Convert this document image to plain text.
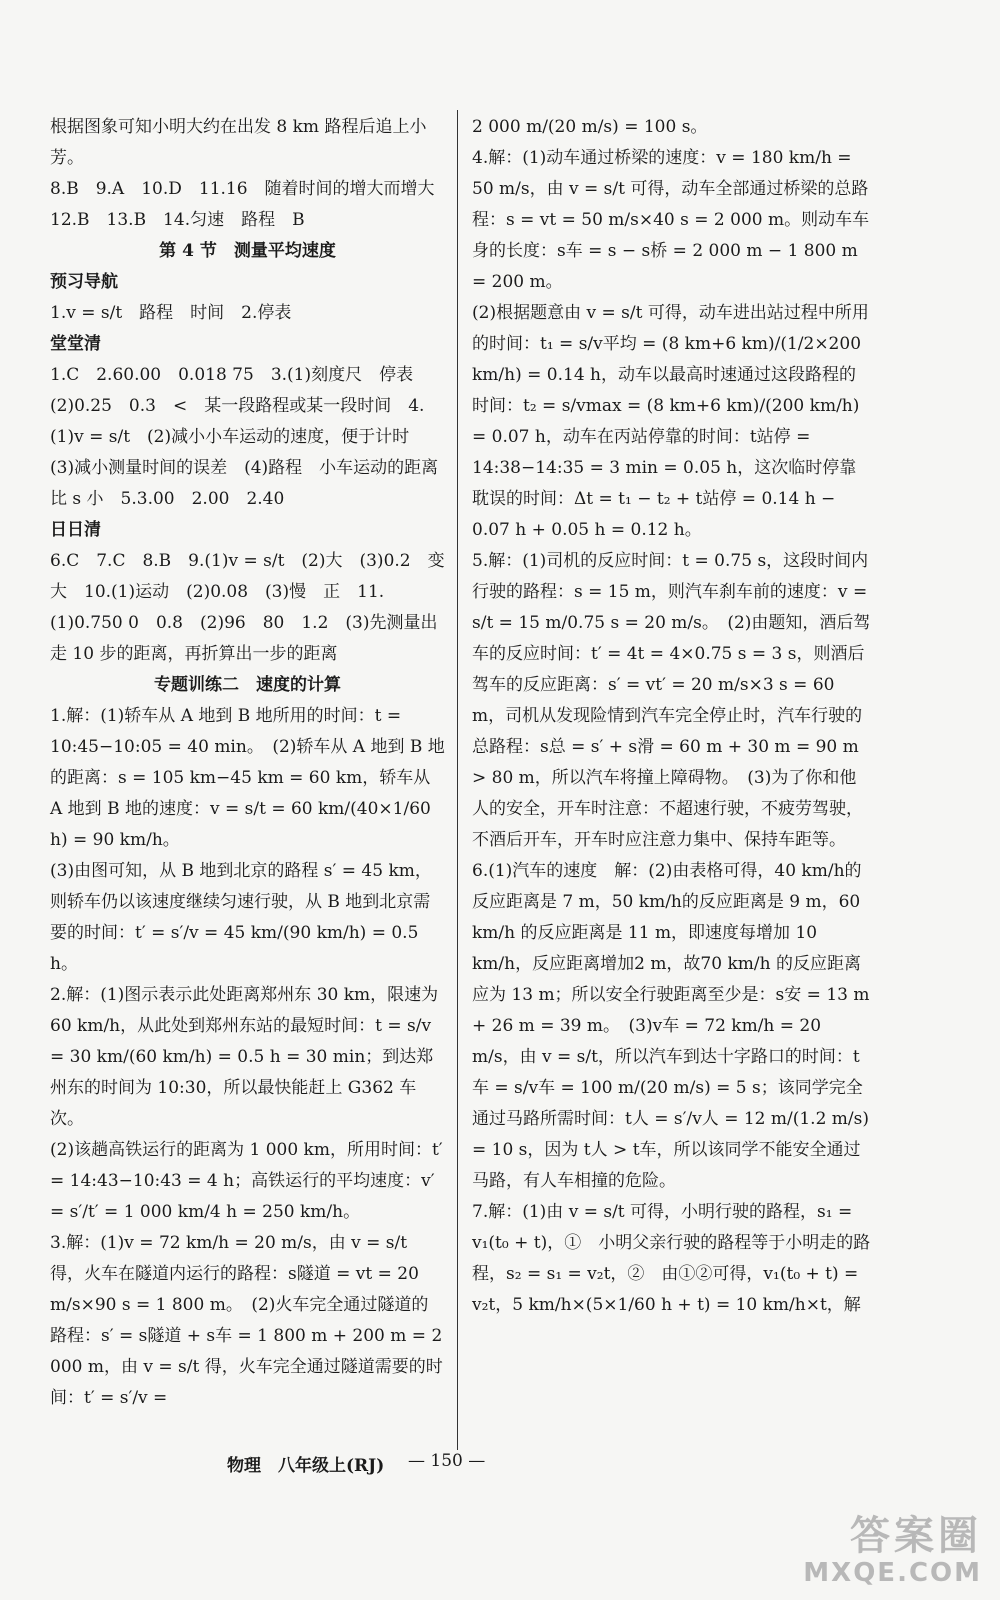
根据图象可知小明大约在出发 8 km 路程后追上小芳。

8.B　9.A　10.D　11.16　随着时间的增大而增大　12.B　13.B　14.匀速　路程　B

第 4 节　测量平均速度

预习导航

1.v = s/t　路程　时间　2.停表

堂堂清

1.C　2.60.00　0.018 75　3.(1)刻度尺　停表　(2)0.25　0.3　<　某一段路程或某一段时间　4.(1)v = s/t　(2)减小小车运动的速度，便于计时　(3)减小测量时间的误差　(4)路程　小车运动的距离比 s 小　5.3.00　2.00　2.40

日日清

6.C　7.C　8.B　9.(1)v = s/t　(2)大　(3)0.2　变大　10.(1)运动　(2)0.08　(3)慢　正　11.(1)0.750 0　0.8　(2)96　80　1.2　(3)先测量出走 10 步的距离，再折算出一步的距离

专题训练二　速度的计算

1.解：(1)轿车从 A 地到 B 地所用的时间：t = 10:45−10:05 = 40 min。　(2)轿车从 A 地到 B 地的距离：s = 105 km−45 km = 60 km，轿车从 A 地到 B 地的速度：v = s/t = 60 km/(40×1/60 h) = 90 km/h。

(3)由图可知，从 B 地到北京的路程 s′ = 45 km，则轿车仍以该速度继续匀速行驶，从 B 地到北京需要的时间：t′ = s′/v = 45 km/(90 km/h) = 0.5 h。

2.解：(1)图示表示此处距离郑州东 30 km，限速为 60 km/h，从此处到郑州东站的最短时间：t = s/v = 30 km/(60 km/h) = 0.5 h = 30 min；到达郑州东的时间为 10:30，所以最快能赶上 G362 车次。

(2)该趟高铁运行的距离为 1 000 km，所用时间：t′ = 14:43−10:43 = 4 h；高铁运行的平均速度：v′ = s′/t′ = 1 000 km/4 h = 250 km/h。

3.解：(1)v = 72 km/h = 20 m/s，由 v = s/t 得，火车在隧道内运行的路程：s隧道 = vt = 20 m/s×90 s = 1 800 m。　(2)火车完全通过隧道的路程：s′ = s隧道 + s车 = 1 800 m + 200 m = 2 000 m，由 v = s/t 得，火车完全通过隧道需要的时间：t′ = s′/v =

2 000 m/(20 m/s) = 100 s。

4.解：(1)动车通过桥梁的速度：v = 180 km/h = 50 m/s，由 v = s/t 可得，动车全部通过桥梁的总路程：s = vt = 50 m/s×40 s = 2 000 m。则动车车身的长度：s车 = s − s桥 = 2 000 m − 1 800 m = 200 m。

(2)根据题意由 v = s/t 可得，动车进出站过程中所用的时间：t₁ = s/v平均 = (8 km+6 km)/(1/2×200 km/h) = 0.14 h，动车以最高时速通过这段路程的时间：t₂ = s/vmax = (8 km+6 km)/(200 km/h) = 0.07 h，动车在丙站停靠的时间：t站停 = 14:38−14:35 = 3 min = 0.05 h，这次临时停靠耽误的时间：Δt = t₁ − t₂ + t站停 = 0.14 h − 0.07 h + 0.05 h = 0.12 h。

5.解：(1)司机的反应时间：t = 0.75 s，这段时间内行驶的路程：s = 15 m，则汽车刹车前的速度：v = s/t = 15 m/0.75 s = 20 m/s。　(2)由题知，酒后驾车的反应时间：t′ = 4t = 4×0.75 s = 3 s，则酒后驾车的反应距离：s′ = vt′ = 20 m/s×3 s = 60 m，司机从发现险情到汽车完全停止时，汽车行驶的总路程：s总 = s′ + s滑 = 60 m + 30 m = 90 m > 80 m，所以汽车将撞上障碍物。　(3)为了你和他人的安全，开车时注意：不超速行驶，不疲劳驾驶，不酒后开车，开车时应注意力集中、保持车距等。

6.(1)汽车的速度　解：(2)由表格可得，40 km/h的反应距离是 7 m，50 km/h的反应距离是 9 m，60 km/h 的反应距离是 11 m，即速度每增加 10 km/h，反应距离增加2 m，故70 km/h 的反应距离应为 13 m；所以安全行驶距离至少是：s安 = 13 m + 26 m = 39 m。　(3)v车 = 72 km/h = 20 m/s，由 v = s/t，所以汽车到达十字路口的时间：t车 = s/v车 = 100 m/(20 m/s) = 5 s；该同学完全通过马路所需时间：t人 = s′/v人 = 12 m/(1.2 m/s) = 10 s，因为 t人 > t车，所以该同学不能安全通过马路，有人车相撞的危险。

7.解：(1)由 v = s/t 可得，小明行驶的路程，s₁ = v₁(t₀ + t)，①　小明父亲行驶的路程等于小明走的路程，s₂ = s₁ = v₂t，②　由①②可得，v₁(t₀ + t) = v₂t，5 km/h×(5×1/60 h + t) = 10 km/h×t，解

物理　八年级上(RJ) — 150 —
答案圈
MXQE.COM
